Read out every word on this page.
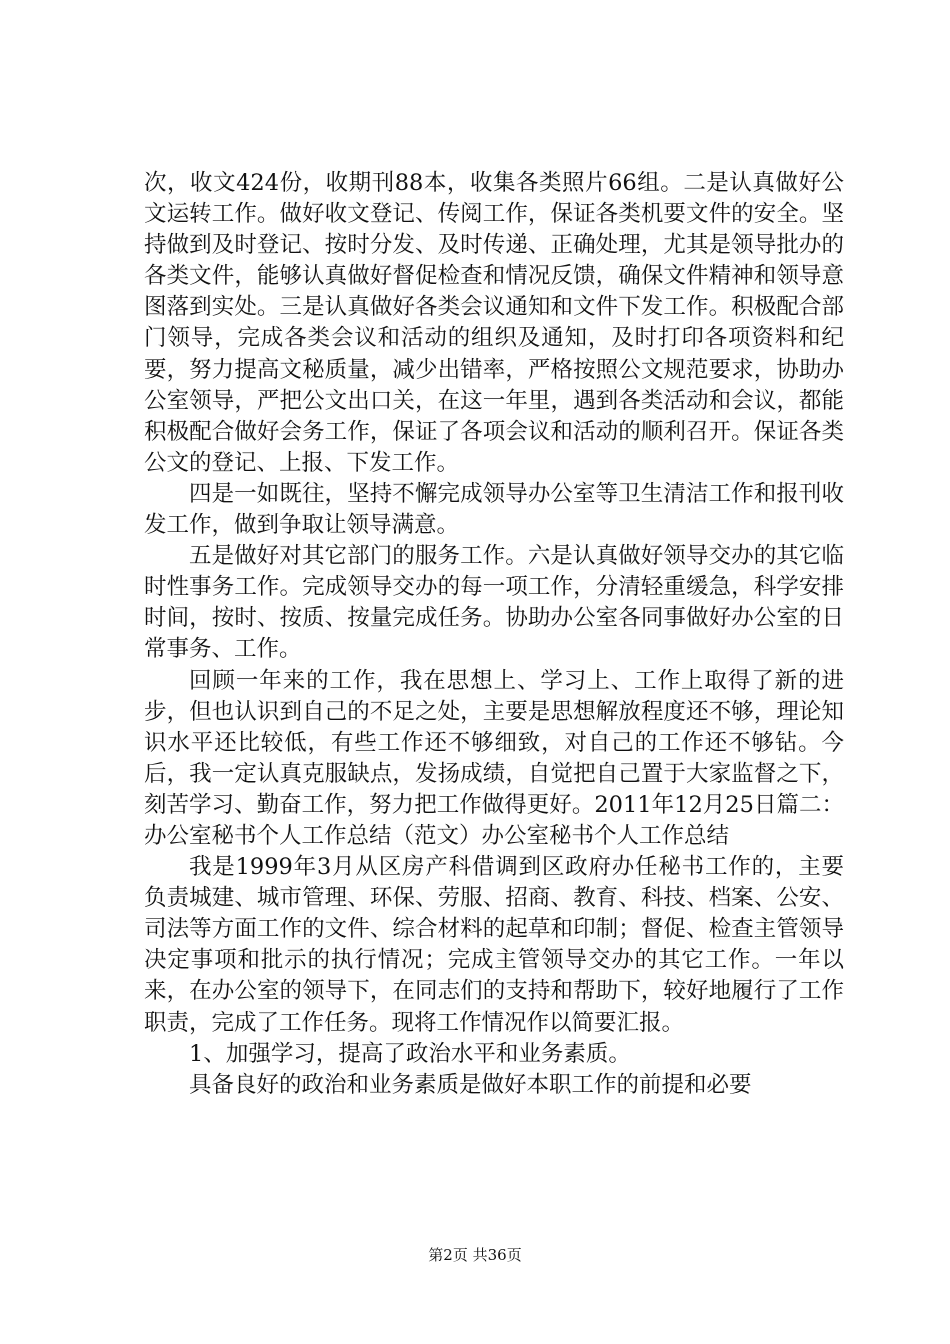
次，收文424份，收期刊88本，收集各类照片66组。二是认真做好公文运转工作。做好收文登记、传阅工作，保证各类机要文件的安全。坚持做到及时登记、按时分发、及时传递、正确处理，尤其是领导批办的各类文件，能够认真做好督促检查和情况反馈，确保文件精神和领导意图落到实处。三是认真做好各类会议通知和文件下发工作。积极配合部门领导，完成各类会议和活动的组织及通知，及时打印各项资料和纪要，努力提高文秘质量，减少出错率，严格按照公文规范要求，协助办公室领导，严把公文出口关，在这一年里，遇到各类活动和会议，都能积极配合做好会务工作，保证了各项会议和活动的顺利召开。保证各类公文的登记、上报、下发工作。

四是一如既往，坚持不懈完成领导办公室等卫生清洁工作和报刊收发工作，做到争取让领导满意。

五是做好对其它部门的服务工作。六是认真做好领导交办的其它临时性事务工作。完成领导交办的每一项工作，分清轻重缓急，科学安排时间，按时、按质、按量完成任务。协助办公室各同事做好办公室的日常事务、工作。

回顾一年来的工作，我在思想上、学习上、工作上取得了新的进步，但也认识到自己的不足之处，主要是思想解放程度还不够，理论知识水平还比较低，有些工作还不够细致，对自己的工作还不够钻。今后，我一定认真克服缺点，发扬成绩，自觉把自己置于大家监督之下，刻苦学习、勤奋工作，努力把工作做得更好。2011年12月25日篇二：办公室秘书个人工作总结（范文）办公室秘书个人工作总结

我是1999年3月从区房产科借调到区政府办任秘书工作的，主要负责城建、城市管理、环保、劳服、招商、教育、科技、档案、公安、司法等方面工作的文件、综合材料的起草和印制；督促、检查主管领导决定事项和批示的执行情况；完成主管领导交办的其它工作。一年以来，在办公室的领导下，在同志们的支持和帮助下，较好地履行了工作职责，完成了工作任务。现将工作情况作以简要汇报。

1、加强学习，提高了政治水平和业务素质。

具备良好的政治和业务素质是做好本职工作的前提和必要

第2页 共36页
